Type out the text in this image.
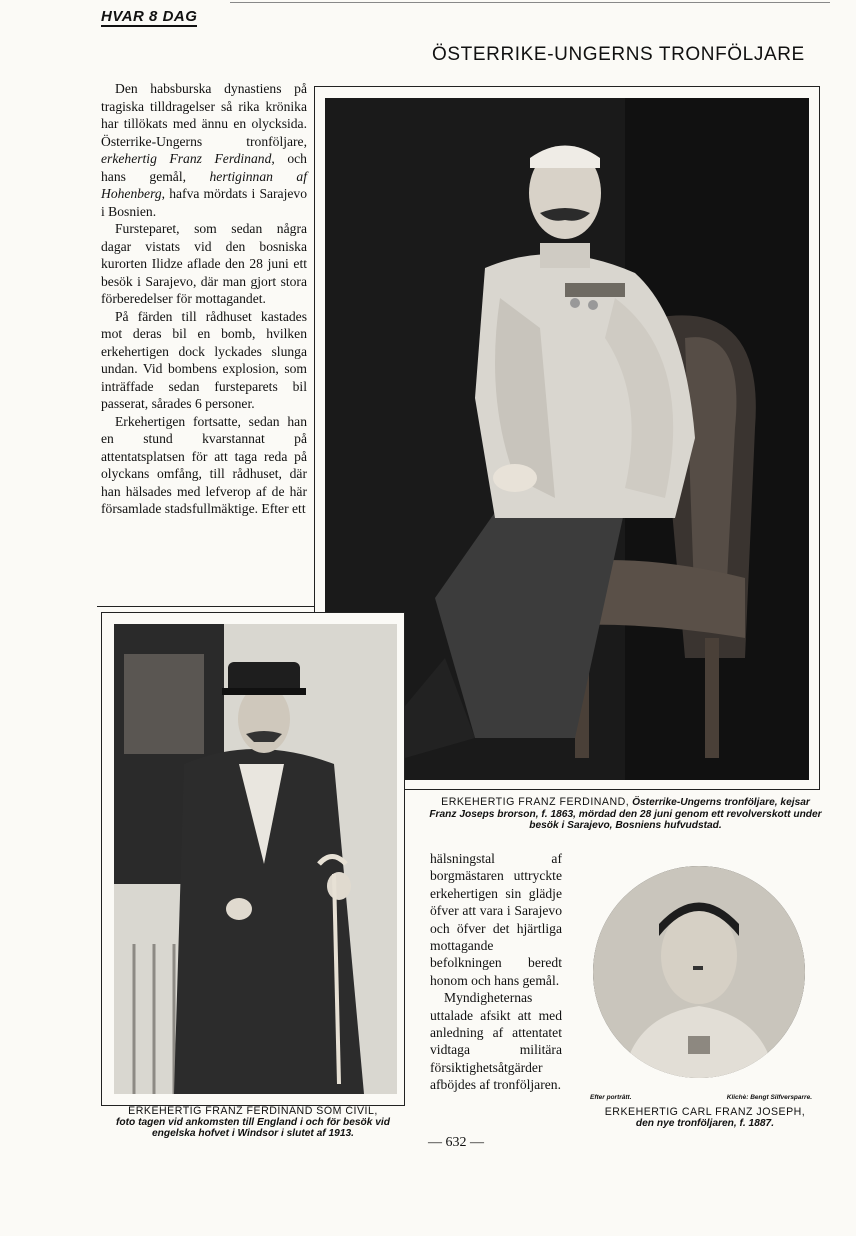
HVAR 8 DAG
ÖSTERRIKE-UNGERNS TRONFÖLJARE

Den habsburska dynastiens på tragiska tilldragelser så rika krönika har tillökats med ännu en olycksida. Österrike-Ungerns tronföljare, erkehertig Franz Ferdinand, och hans gemål, hertiginnan af Hohenberg, hafva mördats i Sarajevo i Bosnien.

Fursteparet, som sedan några dagar vistats vid den bosniska kurorten Ilidze aflade den 28 juni ett besök i Sarajevo, där man gjort stora förberedelser för mottagandet.

På färden till rådhuset kastades mot deras bil en bomb, hvilken erkehertigen dock lyckades slunga undan. Vid bombens explosion, som inträffade sedan fursteparets bil passerat, sårades 6 personer.

Erkehertigen fortsatte, sedan han en stund kvarstannat på attentatsplatsen för att taga reda på olyckans omfång, till rådhuset, där han hälsades med lefverop af de här församlade stadsfullmäktige. Efter ett

ERKEHERTIG FRANZ FERDINAND, Österrike-Ungerns tronföljare, kejsar Franz Joseps brorson, f. 1863, mördad den 28 juni genom ett revolverskott under besök i Sarajevo, Bosniens hufvudstad.
ERKEHERTIG FRANZ FERDINAND SOM CIVIL,
foto tagen vid ankomsten till England i och för besök vid engelska hofvet i Windsor i slutet af 1913.

hälsningstal af borgmästaren uttryckte erkehertigen sin glädje öfver att vara i Sarajevo och öfver det hjärtliga mottagande befolkningen beredt honom och hans gemål.

Myndigheternas uttalade afsikt att med anledning af attentatet vidtaga militära försiktighetsåtgärder afböjdes af tronföljaren.

— 632 —
Efter porträtt.	Klichè: Bengt Silfversparre.
ERKEHERTIG CARL FRANZ JOSEPH,
den nye tronföljaren, f. 1887.
